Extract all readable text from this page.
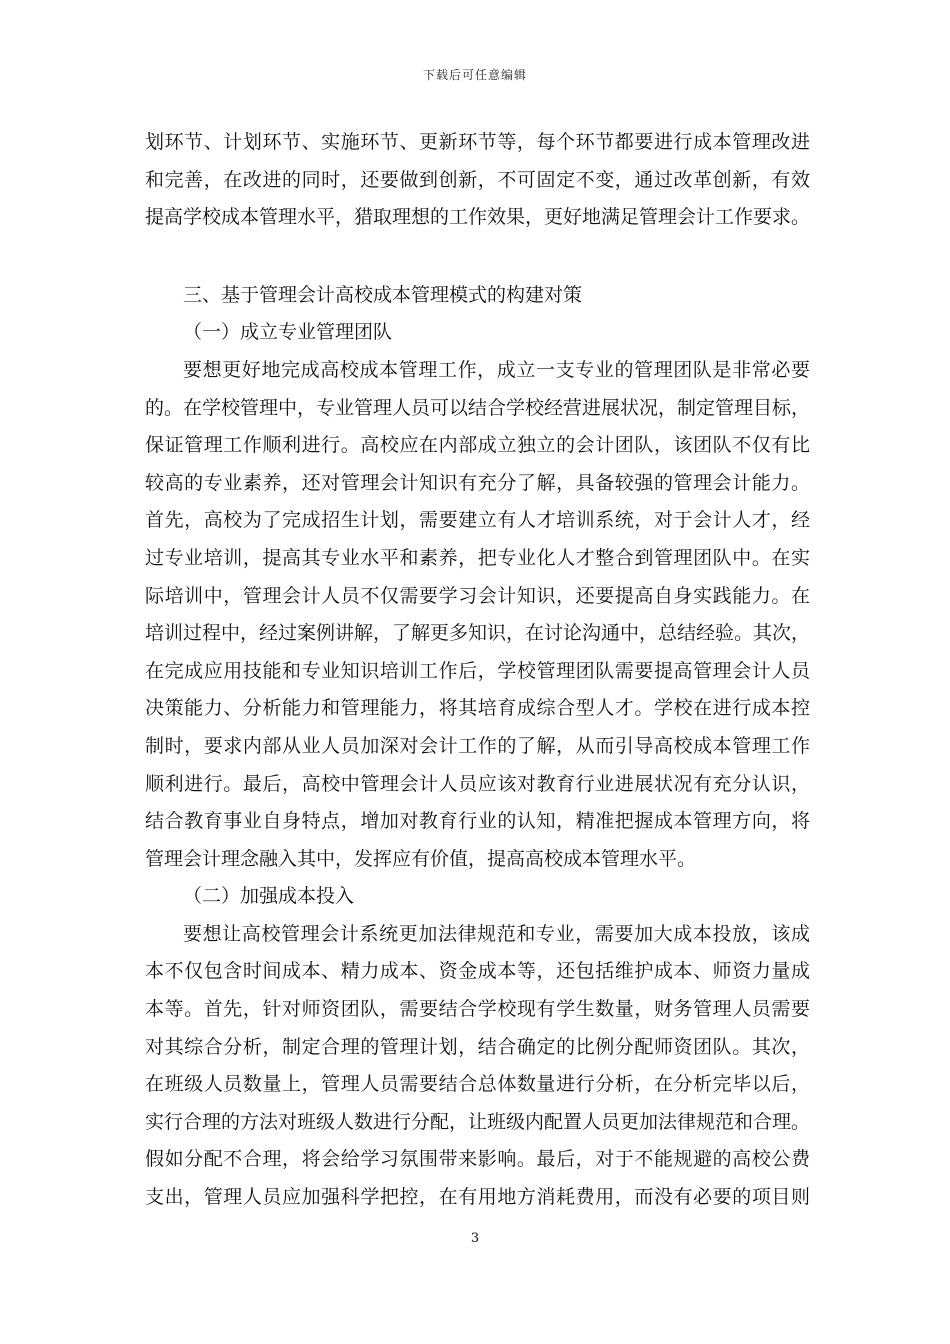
下载后可任意编辑
划环节、计划环节、实施环节、更新环节等，每个环节都要进行成本管理改进
和完善，在改进的同时，还要做到创新，不可固定不变，通过改革创新，有效
提高学校成本管理水平，猎取理想的工作效果，更好地满足管理会计工作要求。
三、基于管理会计高校成本管理模式的构建对策
（一）成立专业管理团队
要想更好地完成高校成本管理工作，成立一支专业的管理团队是非常必要
的。在学校管理中，专业管理人员可以结合学校经营进展状况，制定管理目标，
保证管理工作顺利进行。高校应在内部成立独立的会计团队，该团队不仅有比
较高的专业素养，还对管理会计知识有充分了解，具备较强的管理会计能力。
首先，高校为了完成招生计划，需要建立有人才培训系统，对于会计人才，经
过专业培训，提高其专业水平和素养，把专业化人才整合到管理团队中。在实
际培训中，管理会计人员不仅需要学习会计知识，还要提高自身实践能力。在
培训过程中，经过案例讲解，了解更多知识，在讨论沟通中，总结经验。其次，
在完成应用技能和专业知识培训工作后，学校管理团队需要提高管理会计人员
决策能力、分析能力和管理能力，将其培育成综合型人才。学校在进行成本控
制时，要求内部从业人员加深对会计工作的了解，从而引导高校成本管理工作
顺利进行。最后，高校中管理会计人员应该对教育行业进展状况有充分认识，
结合教育事业自身特点，增加对教育行业的认知，精准把握成本管理方向，将
管理会计理念融入其中，发挥应有价值，提高高校成本管理水平。
（二）加强成本投入
要想让高校管理会计系统更加法律规范和专业，需要加大成本投放，该成
本不仅包含时间成本、精力成本、资金成本等，还包括维护成本、师资力量成
本等。首先，针对师资团队，需要结合学校现有学生数量，财务管理人员需要
对其综合分析，制定合理的管理计划，结合确定的比例分配师资团队。其次，
在班级人员数量上，管理人员需要结合总体数量进行分析，在分析完毕以后，
实行合理的方法对班级人数进行分配，让班级内配置人员更加法律规范和合理。
假如分配不合理，将会给学习氛围带来影响。最后，对于不能规避的高校公费
支出，管理人员应加强科学把控，在有用地方消耗费用，而没有必要的项目则
3
